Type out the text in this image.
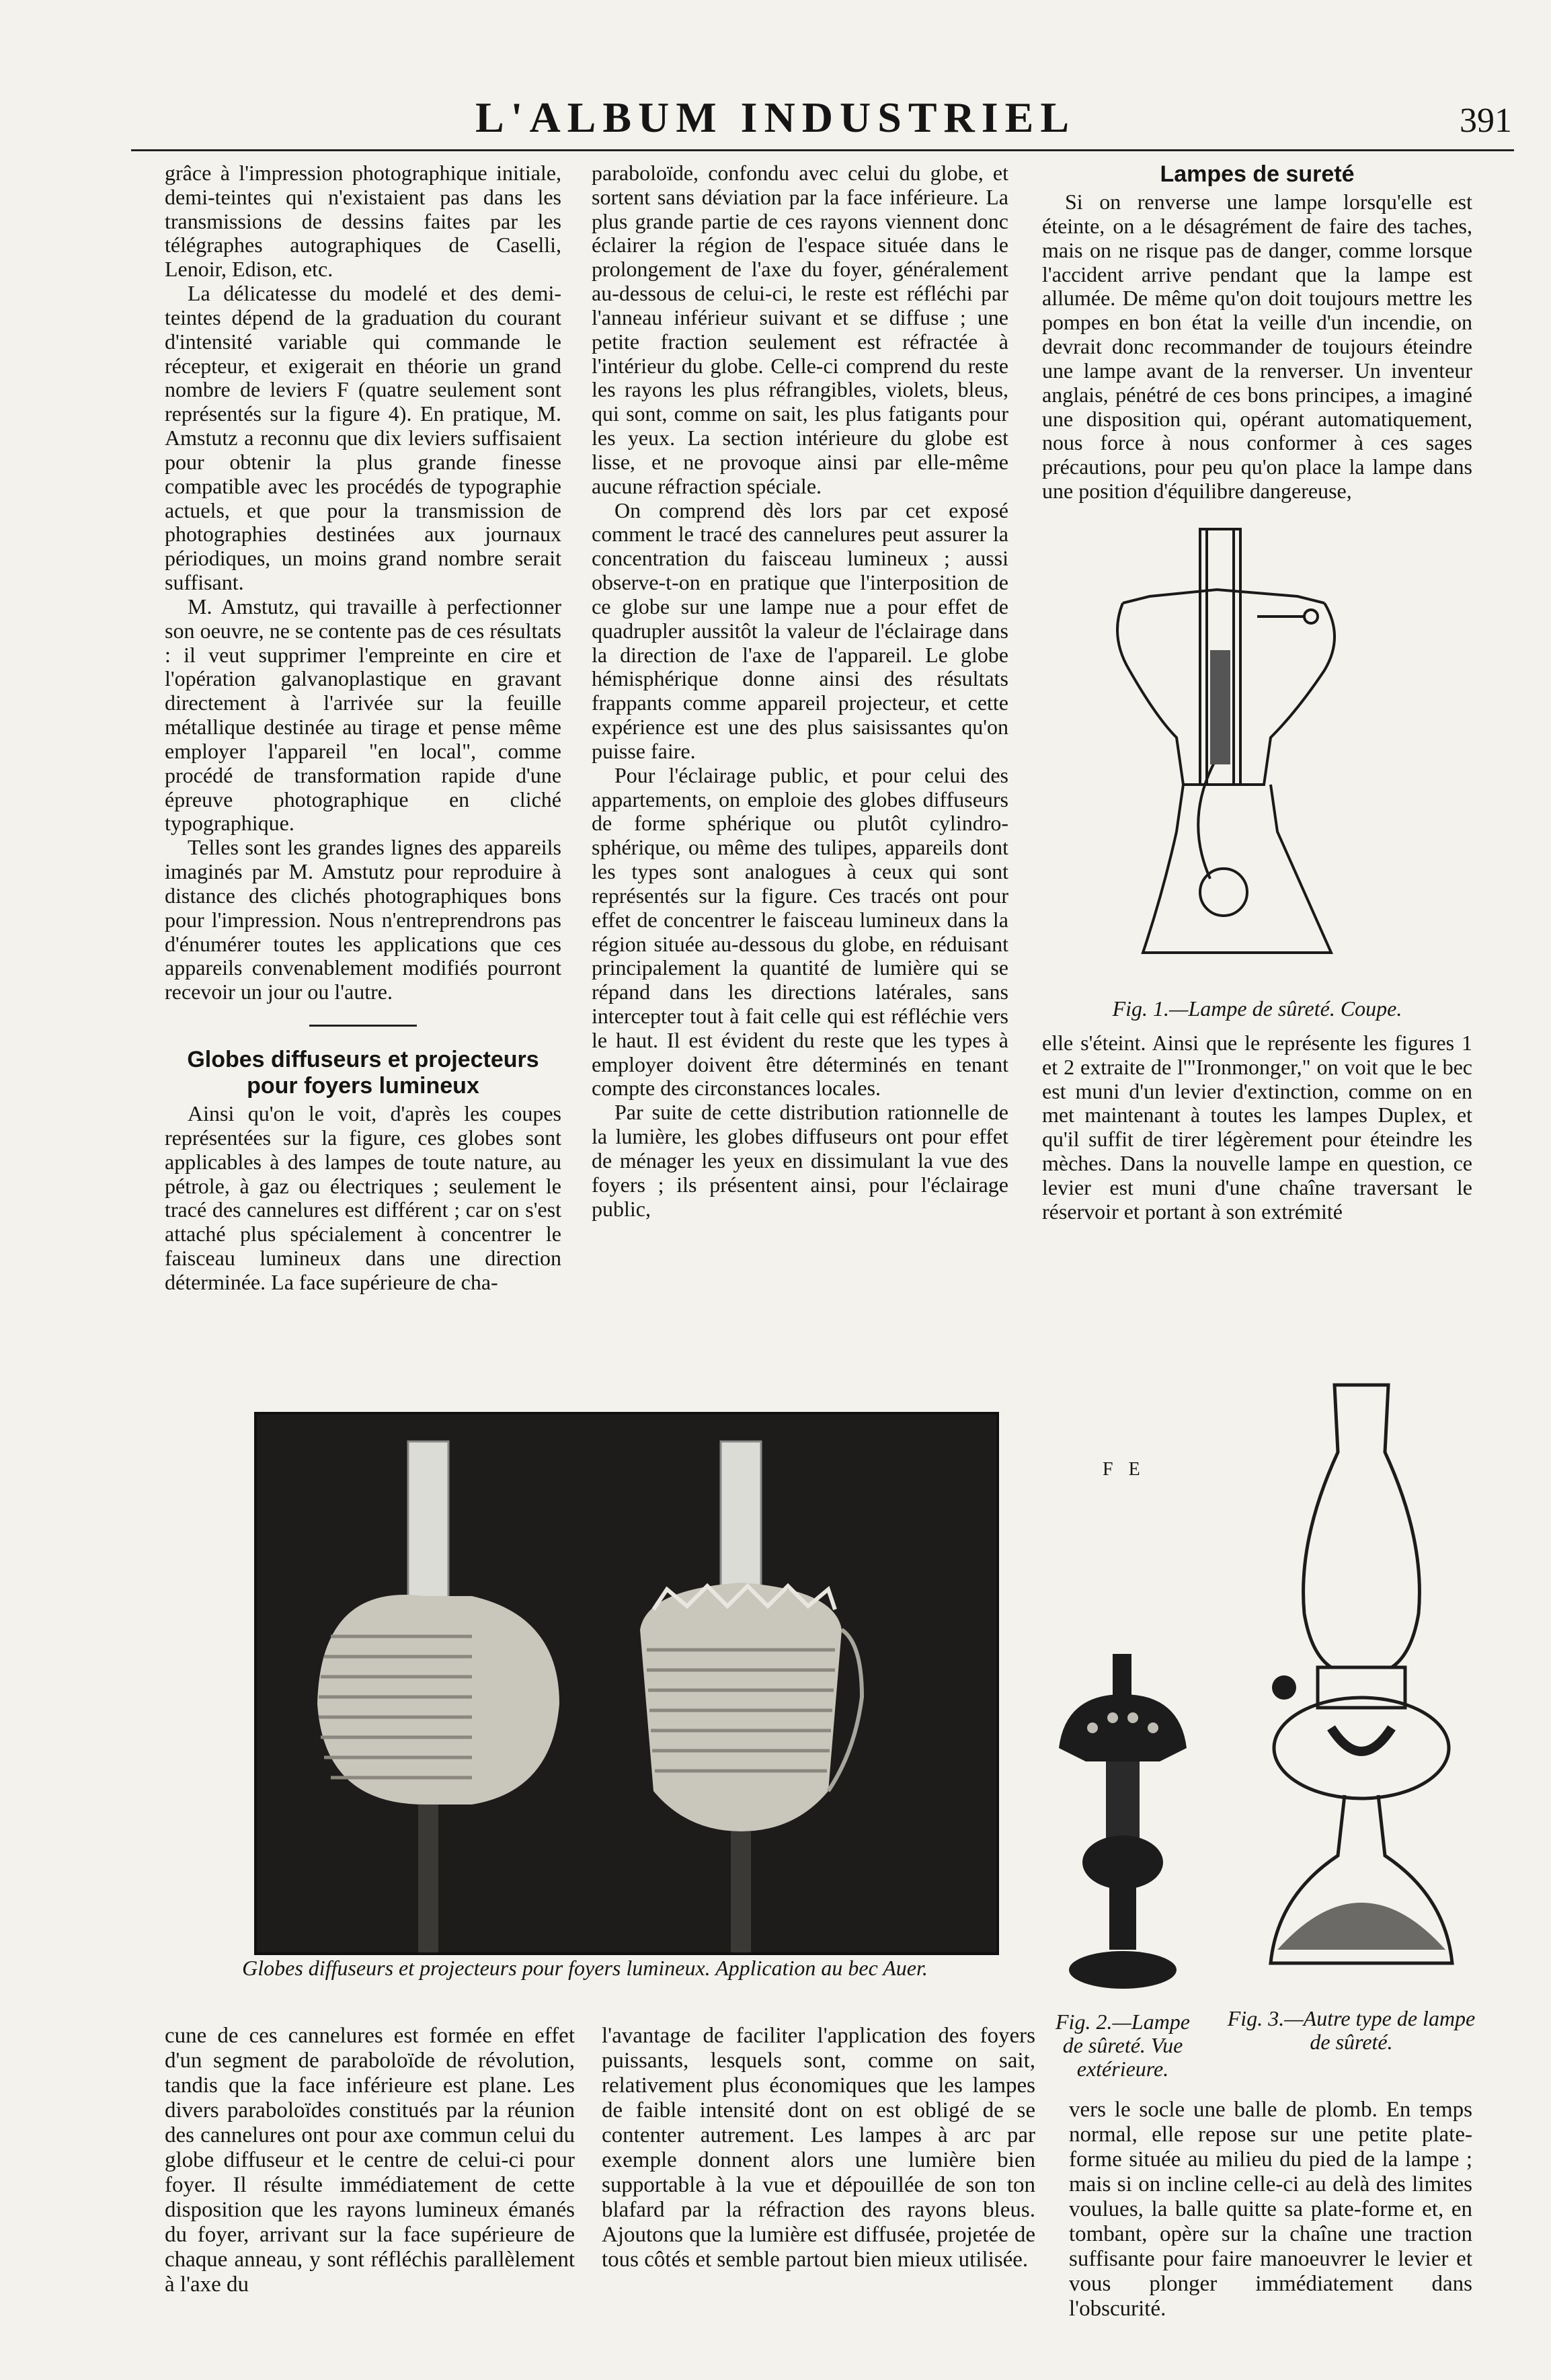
L'ALBUM INDUSTRIEL	391

grâce à l'impression photographique initiale, demi-teintes qui n'existaient pas dans les transmissions de dessins faites par les télégraphes autographiques de Caselli, Lenoir, Edison, etc.

La délicatesse du modelé et des demi-teintes dépend de la graduation du courant d'intensité variable qui commande le récepteur, et exigerait en théorie un grand nombre de leviers F (quatre seulement sont représentés sur la figure 4). En pratique, M. Amstutz a reconnu que dix leviers suffisaient pour obtenir la plus grande finesse compatible avec les procédés de typographie actuels, et que pour la transmission de photographies destinées aux journaux périodiques, un moins grand nombre serait suffisant.

M. Amstutz, qui travaille à perfectionner son oeuvre, ne se contente pas de ces résultats : il veut supprimer l'empreinte en cire et l'opération galvanoplastique en gravant directement à l'arrivée sur la feuille métallique destinée au tirage et pense même employer l'appareil "en local", comme procédé de transformation rapide d'une épreuve photographique en cliché typographique.

Telles sont les grandes lignes des appareils imaginés par M. Amstutz pour reproduire à distance des clichés photographiques bons pour l'impression. Nous n'entreprendrons pas d'énumérer toutes les applications que ces appareils convenablement modifiés pourront recevoir un jour ou l'autre.

Globes diffuseurs et projecteurs pour foyers lumineux

Ainsi qu'on le voit, d'après les coupes représentées sur la figure, ces globes sont applicables à des lampes de toute nature, au pétrole, à gaz ou électriques ; seulement le tracé des cannelures est différent ; car on s'est attaché plus spécialement à concentrer le faisceau lumineux dans une direction déterminée. La face supérieure de cha-

paraboloïde, confondu avec celui du globe, et sortent sans déviation par la face inférieure. La plus grande partie de ces rayons viennent donc éclairer la région de l'espace située dans le prolongement de l'axe du foyer, généralement au-dessous de celui-ci, le reste est réfléchi par l'anneau inférieur suivant et se diffuse ; une petite fraction seulement est réfractée à l'intérieur du globe. Celle-ci comprend du reste les rayons les plus réfrangibles, violets, bleus, qui sont, comme on sait, les plus fatigants pour les yeux. La section intérieure du globe est lisse, et ne provoque ainsi par elle-même aucune réfraction spéciale.

On comprend dès lors par cet exposé comment le tracé des cannelures peut assurer la concentration du faisceau lumineux ; aussi observe-t-on en pratique que l'interposition de ce globe sur une lampe nue a pour effet de quadrupler aussitôt la valeur de l'éclairage dans la direction de l'axe de l'appareil. Le globe hémisphérique donne ainsi des résultats frappants comme appareil projecteur, et cette expérience est une des plus saisissantes qu'on puisse faire.

Pour l'éclairage public, et pour celui des appartements, on emploie des globes diffuseurs de forme sphérique ou plutôt cylindro-sphérique, ou même des tulipes, appareils dont les types sont analogues à ceux qui sont représentés sur la figure. Ces tracés ont pour effet de concentrer le faisceau lumineux dans la région située au-dessous du globe, en réduisant principalement la quantité de lumière qui se répand dans les directions latérales, sans intercepter tout à fait celle qui est réfléchie vers le haut. Il est évident du reste que les types à employer doivent être déterminés en tenant compte des circonstances locales.

Par suite de cette distribution rationnelle de la lumière, les globes diffuseurs ont pour effet de ménager les yeux en dissimulant la vue des foyers ; ils présentent ainsi, pour l'éclairage public,

Lampes de sureté

Si on renverse une lampe lorsqu'elle est éteinte, on a le désagrément de faire des taches, mais on ne risque pas de danger, comme lorsque l'accident arrive pendant que la lampe est allumée. De même qu'on doit toujours mettre les pompes en bon état la veille d'un incendie, on devrait donc recommander de toujours éteindre une lampe avant de la renverser. Un inventeur anglais, pénétré de ces bons principes, a imaginé une disposition qui, opérant automatiquement, nous force à nous conformer à ces sages précautions, pour peu qu'on place la lampe dans une position d'équilibre dangereuse,

Fig. 1.—Lampe de sûreté. Coupe.

elle s'éteint. Ainsi que le représente les figures 1 et 2 extraite de l'"Ironmonger," on voit que le bec est muni d'un levier d'extinction, comme on en met maintenant à toutes les lampes Duplex, et qu'il suffit de tirer légèrement pour éteindre les mèches. Dans la nouvelle lampe en question, ce levier est muni d'une chaîne traversant le réservoir et portant à son extrémité

Globes diffuseurs et projecteurs pour foyers lumineux. Application au bec Auer.
Fig. 2.—Lampe de sûreté. Vue extérieure.
F E
Fig. 3.—Autre type de lampe de sûreté.

cune de ces cannelures est formée en effet d'un segment de paraboloïde de révolution, tandis que la face inférieure est plane. Les divers paraboloïdes constitués par la réunion des cannelures ont pour axe commun celui du globe diffuseur et le centre de celui-ci pour foyer. Il résulte immédiatement de cette disposition que les rayons lumineux émanés du foyer, arrivant sur la face supérieure de chaque anneau, y sont réfléchis parallèlement à l'axe du

l'avantage de faciliter l'application des foyers puissants, lesquels sont, comme on sait, relativement plus économiques que les lampes de faible intensité dont on est obligé de se contenter autrement. Les lampes à arc par exemple donnent alors une lumière bien supportable à la vue et dépouillée de son ton blafard par la réfraction des rayons bleus. Ajoutons que la lumière est diffusée, projetée de tous côtés et semble partout bien mieux utilisée.

vers le socle une balle de plomb. En temps normal, elle repose sur une petite plate-forme située au milieu du pied de la lampe ; mais si on incline celle-ci au delà des limites voulues, la balle quitte sa plate-forme et, en tombant, opère sur la chaîne une traction suffisante pour faire manoeuvrer le levier et vous plonger immédiatement dans l'obscurité.
